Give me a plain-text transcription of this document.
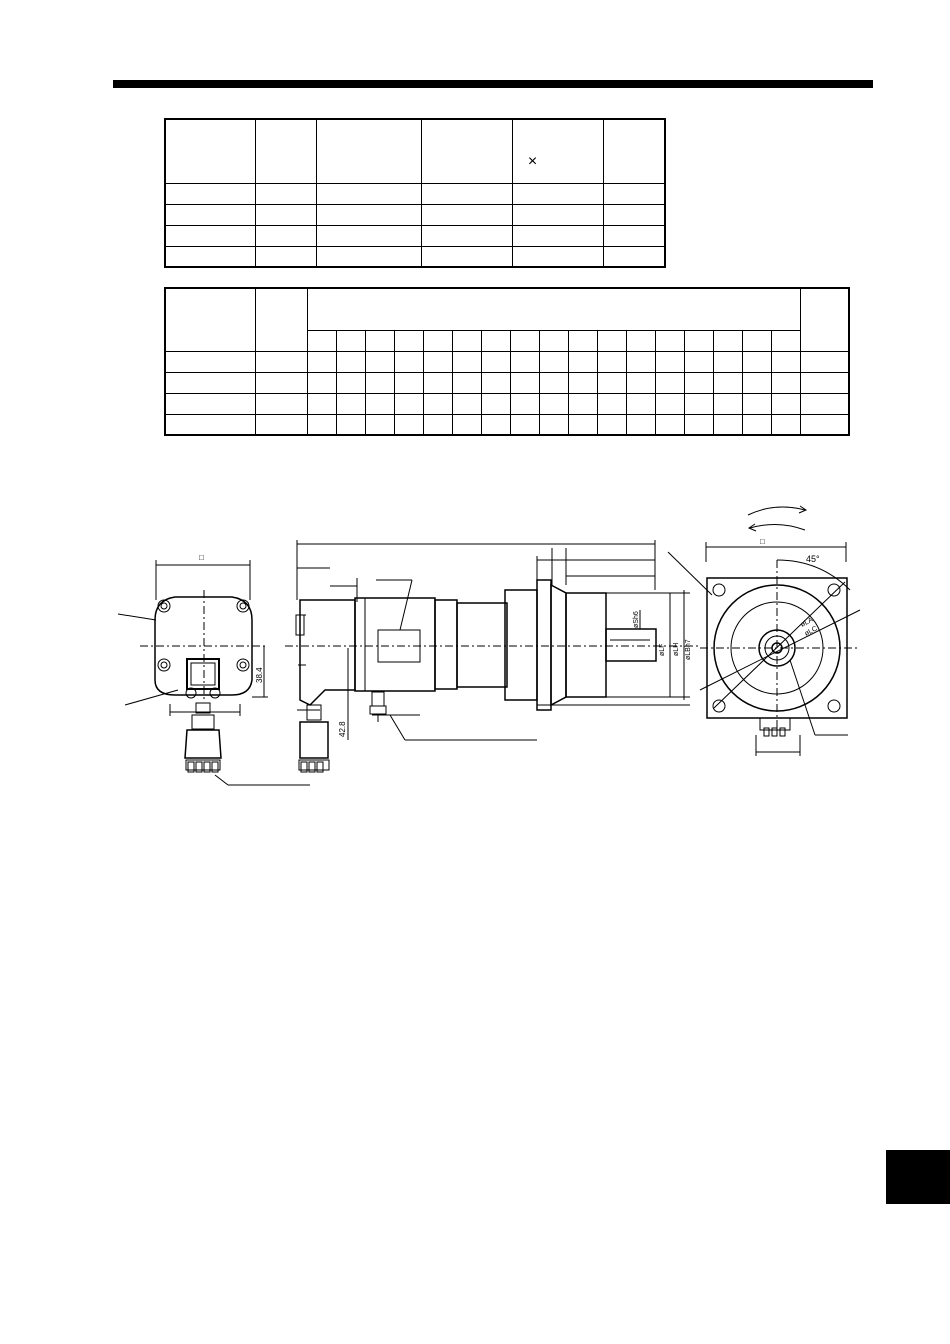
				×	

□
38.4
øSh6
øLF øLH øLBh7
42.8
□
45°
øLA
øLC
